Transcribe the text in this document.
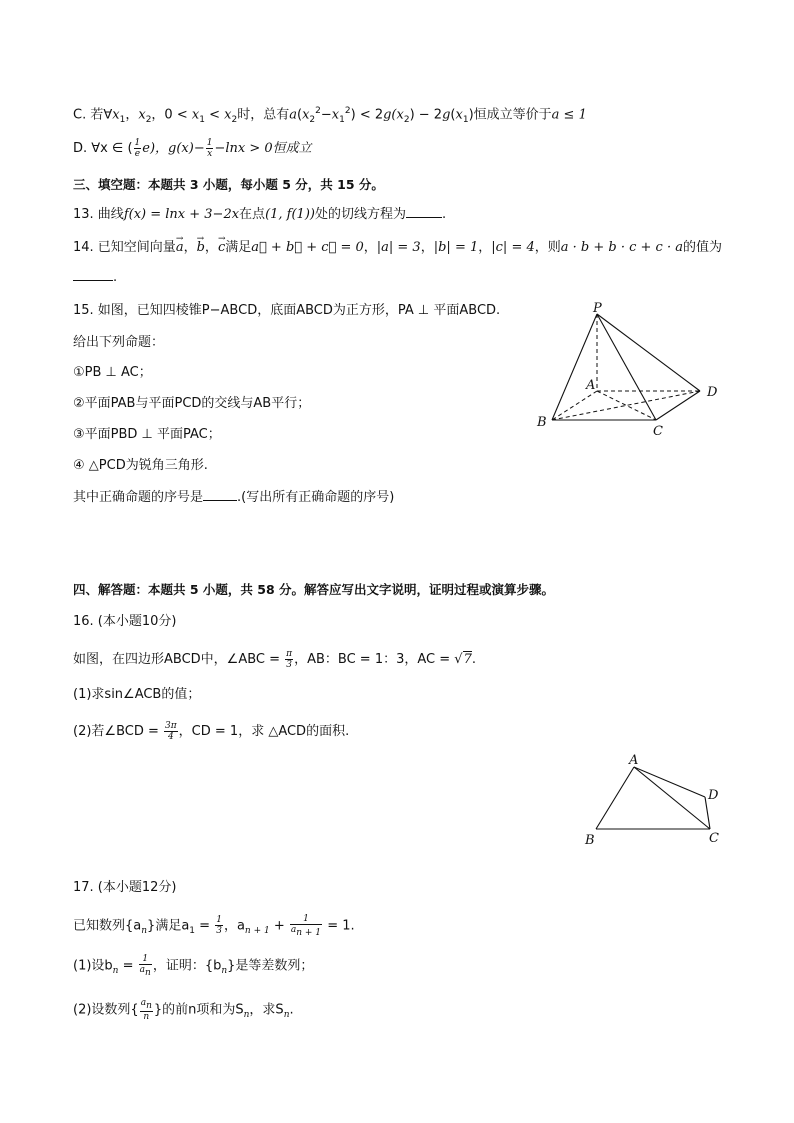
C. 若$\forall x_1$，$x_2$，$0 < x_1 < x_2$时，总有$a(x_2^2-x_1^2) < 2g(x_2) - 2g(x_1)$恒成立等价于a ≤ 1
D. ∀x ∈ ( $\frac{1}{e} e$)，$g(x)- \frac{1}{x} -\ln x > 0$恒成立
三、填空题：本题共 3 小题，每小题 5 分，共 15 分。
13. 曲线f(x) = lnx + 3−2x在点(1, f(1))处的切线方程为	.
14. 已知空间向量→ a，→ b，→ c满足a⃗ + b⃗ + c⃗ = 0，|a| = 3，|b| = 1，|c| = 4，则a · b + b · c + c · a的值为
.
15. 如图，已知四棱锥P−ABCD，底面ABCD为正方形，PA ⊥ 平面ABCD.
给出下列命题：
①PB ⊥ AC；
②平面PAB与平面PCD的交线与AB平行；
③平面PBD ⊥ 平面PAC；
④ △PCD为锐角三角形.
其中正确命题的序号是	.(写出所有正确命题的序号)
P
A
B
C
D
四、解答题：本题共 5 小题，共 58 分。解答应写出文字说明，证明过程或演算步骤。
16. (本小题10分)
如图，在四边形ABCD中，∠ABC = $\frac{\pi}{3}$ ，AB：BC = 1：3，AC = √7.
(1)求sin∠ACB的值；
(2)若∠BCD = $\frac{3\pi}{4}$ ，CD = 1，求 △ACD的面积.
A
B	C
D
17. (本小题12分)
已知数列$\{a_n\}$满足$a_1 = \frac{1}{3}$ ，$a_{n + 1} + \frac{1}{a_{n + 1}} = 1$.
(1)设$b_n = \frac{1}{a_n}$ ，证明：$\{b_n\}$是等差数列；
(2)设数列{ $\frac{a_n}{n}$ }的前n项和为$S_n$，求$S_n$.
